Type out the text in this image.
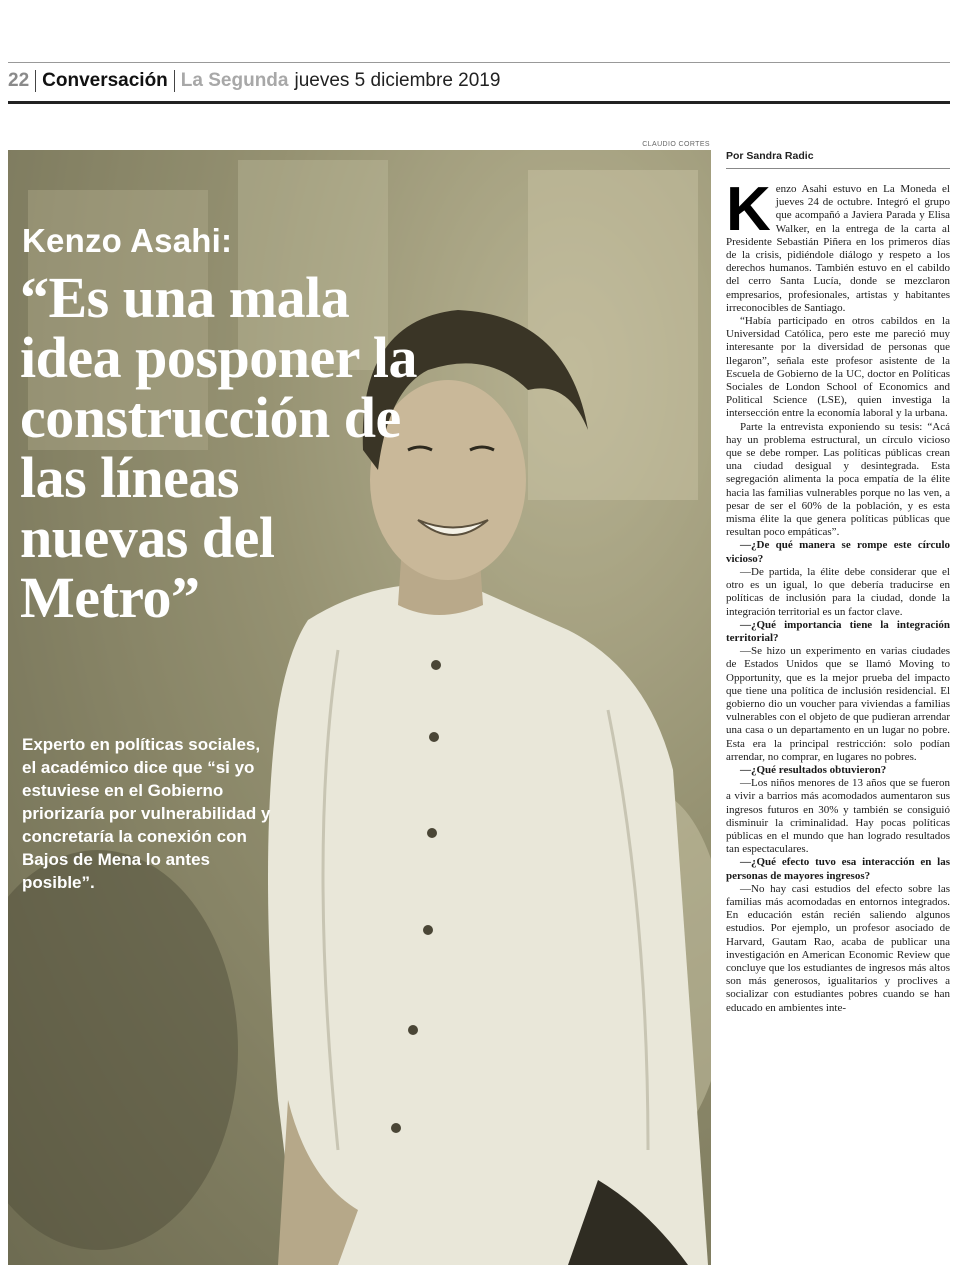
22 Conversación La Segunda jueves 5 diciembre 2019
CLAUDIO CORTES
Kenzo Asahi:
“Es una mala idea posponer la construcción de las líneas nuevas del Metro”

Experto en políticas sociales, el académico dice que “si yo estuviese en el Gobierno priorizaría por vulnerabilidad y concretaría la conexión con Bajos de Mena lo antes posible”.

Por Sandra Radic

Kenzo Asahi estuvo en La Moneda el jueves 24 de octubre. Integró el grupo que acompañó a Javiera Parada y Elisa Walker, en la entrega de la carta al Presidente Sebastián Piñera en los primeros días de la crisis, pidiéndole diálogo y respeto a los derechos humanos. También estuvo en el cabildo del cerro Santa Lucía, donde se mezclaron empresarios, profesionales, artistas y habitantes irreconocibles de Santiago.

“Había participado en otros cabildos en la Universidad Católica, pero este me pareció muy interesante por la diversidad de personas que llegaron”, señala este profesor asistente de la Escuela de Gobierno de la UC, doctor en Políticas Sociales de London School of Economics and Political Science (LSE), quien investiga la intersección entre la economía laboral y la urbana.

Parte la entrevista exponiendo su tesis: “Acá hay un problema estructural, un círculo vicioso que se debe romper. Las políticas públicas crean una ciudad desigual y desintegrada. Esta segregación alimenta la poca empatía de la élite hacia las familias vulnerables porque no las ven, a pesar de ser el 60% de la población, y es esta misma élite la que genera políticas públicas que resultan poco empáticas”.

—¿De qué manera se rompe este círculo vicioso?

—De partida, la élite debe considerar que el otro es un igual, lo que debería traducirse en políticas de inclusión para la ciudad, donde la integración territorial es un factor clave.

—¿Qué importancia tiene la integración territorial?

—Se hizo un experimento en varias ciudades de Estados Unidos que se llamó Moving to Opportunity, que es la mejor prueba del impacto que tiene una política de inclusión residencial. El gobierno dio un voucher para viviendas a familias vulnerables con el objeto de que pudieran arrendar una casa o un departamento en un lugar no pobre. Esta era la principal restricción: solo podían arrendar, no comprar, en lugares no pobres.

—¿Qué resultados obtuvieron?

—Los niños menores de 13 años que se fueron a vivir a barrios más acomodados aumentaron sus ingresos futuros en 30% y también se consiguió disminuir la criminalidad. Hay pocas políticas públicas en el mundo que han logrado resultados tan espectaculares.

—¿Qué efecto tuvo esa interacción en las personas de mayores ingresos?

—No hay casi estudios del efecto sobre las familias más acomodadas en entornos integrados. En educación están recién saliendo algunos estudios. Por ejemplo, un profesor asociado de Harvard, Gautam Rao, acaba de publicar una investigación en American Economic Review que concluye que los estudiantes de ingresos más altos son más generosos, igualitarios y proclives a socializar con estudiantes pobres cuando se han educado en ambientes inte-
